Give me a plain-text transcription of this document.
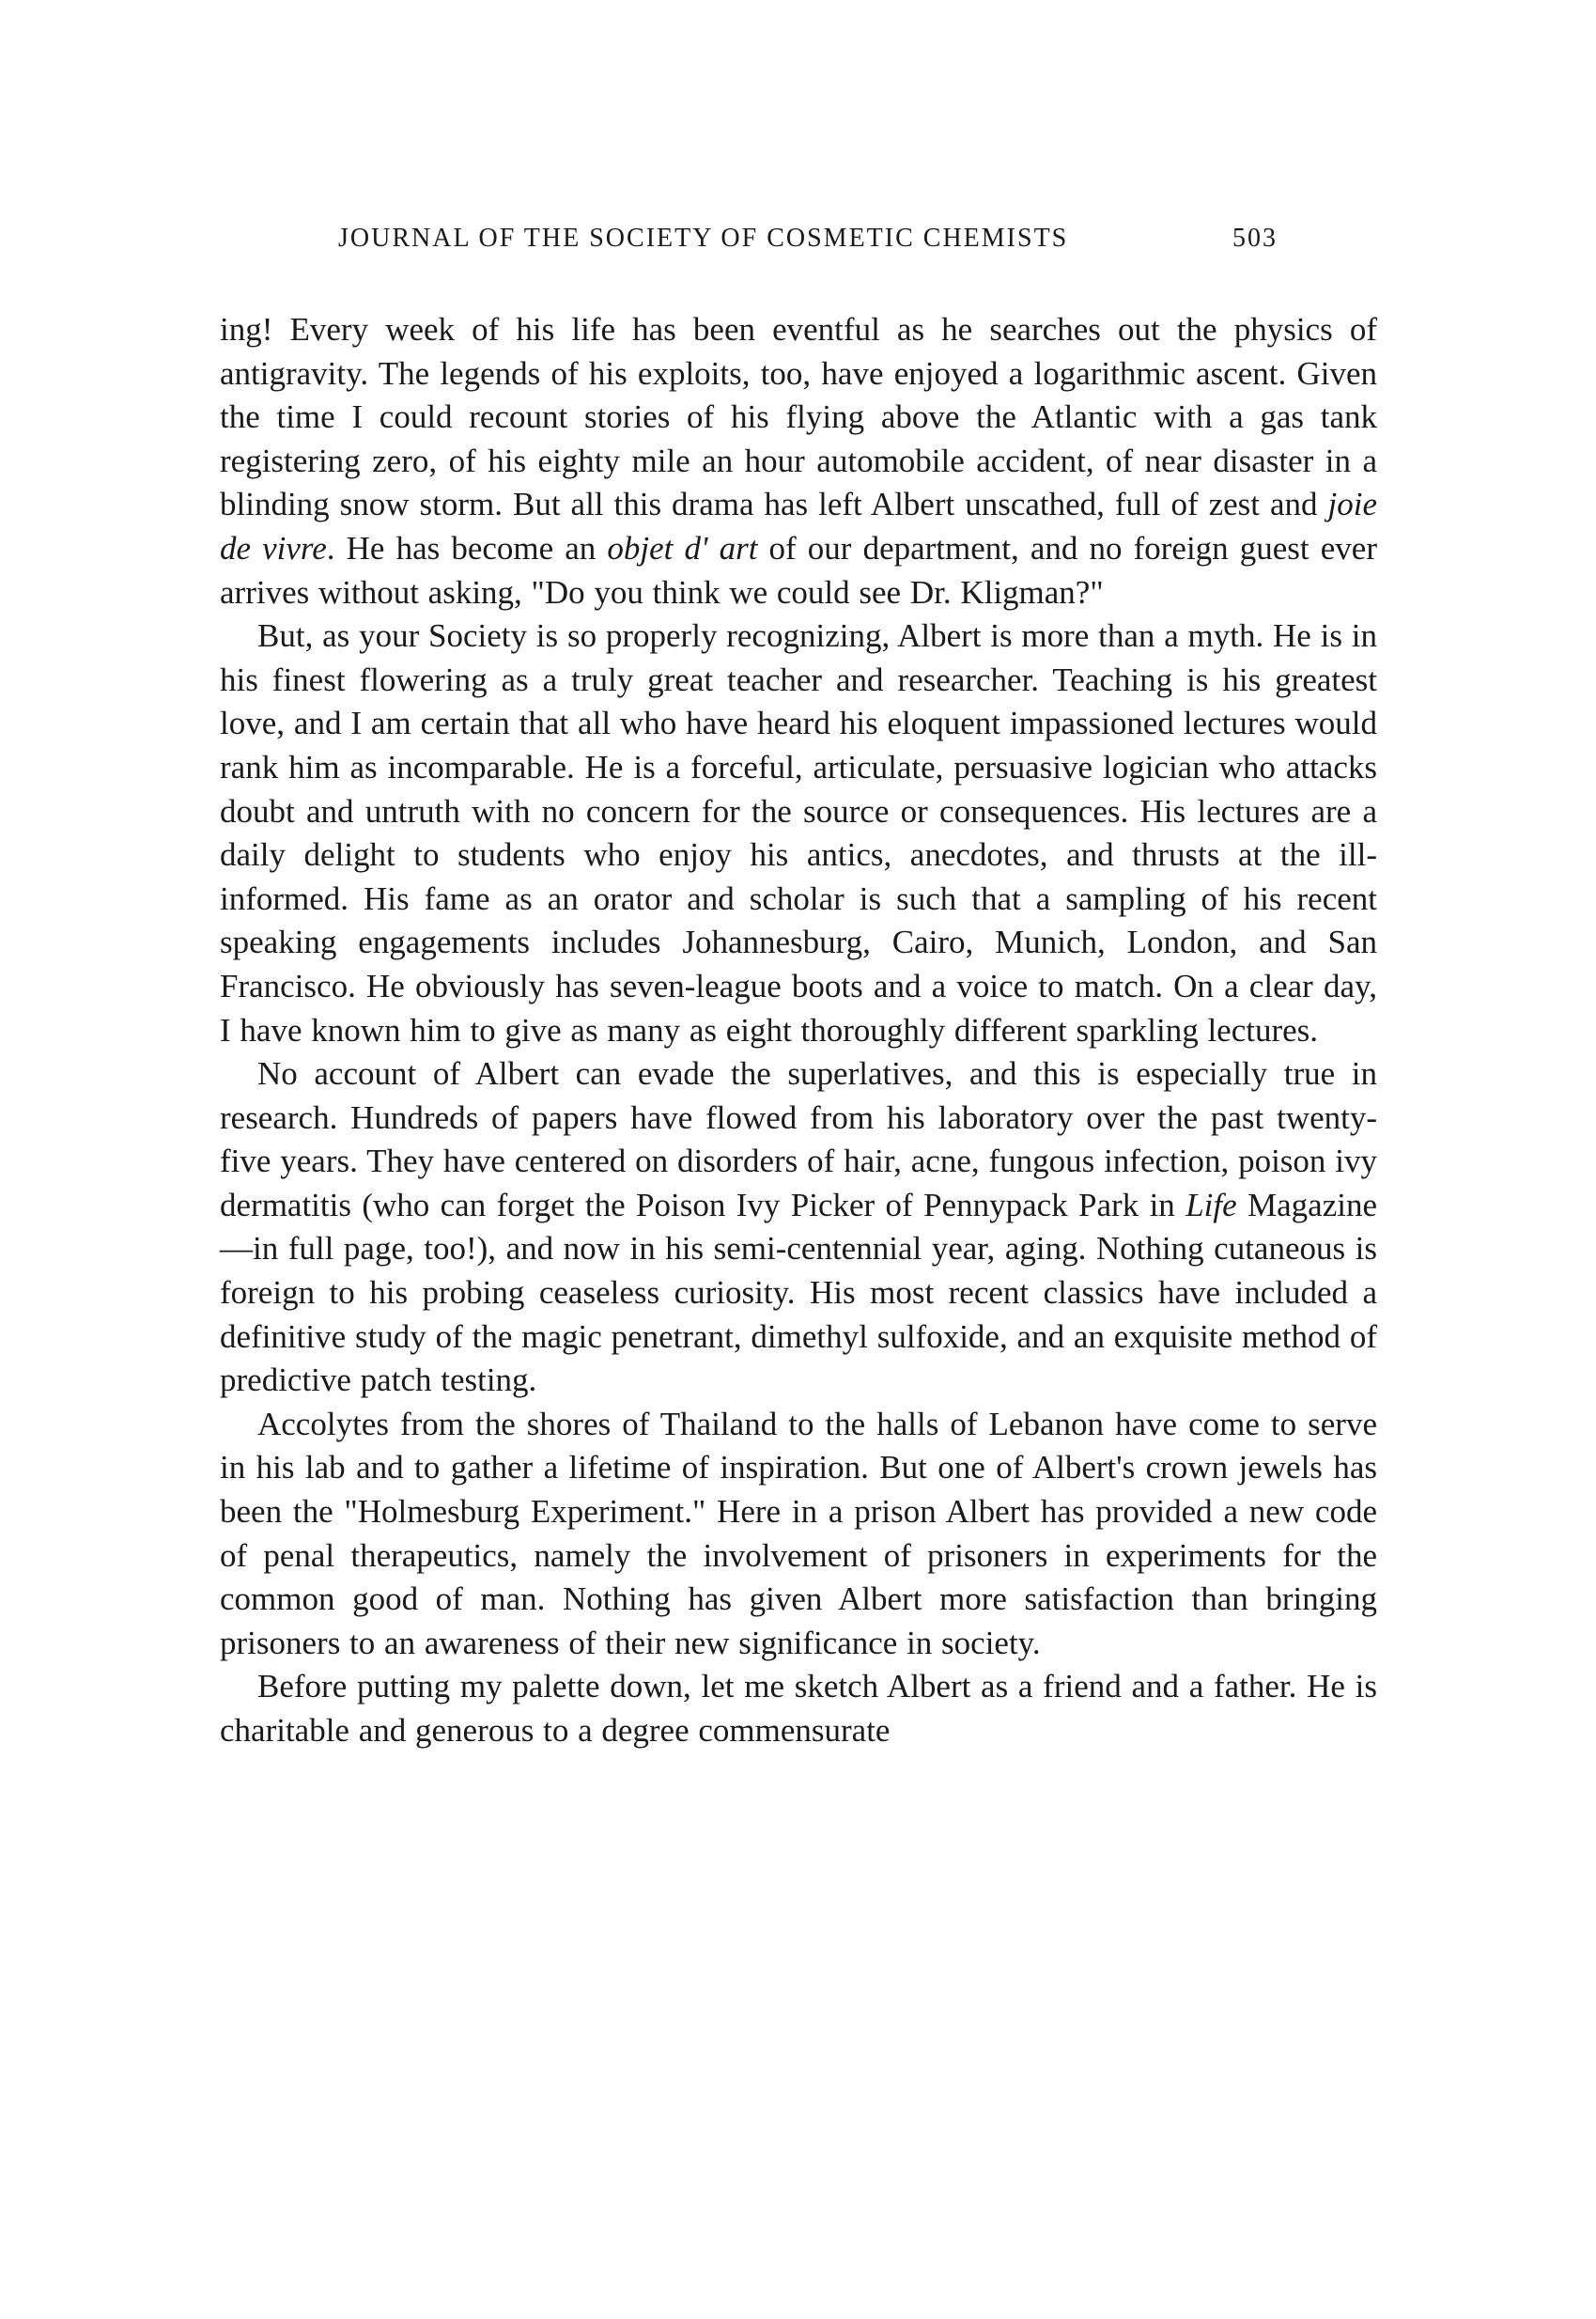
JOURNAL OF THE SOCIETY OF COSMETIC CHEMISTS	503

ing! Every week of his life has been eventful as he searches out the physics of antigravity. The legends of his exploits, too, have enjoyed a logarithmic ascent. Given the time I could recount stories of his flying above the Atlantic with a gas tank registering zero, of his eighty mile an hour automobile accident, of near disaster in a blinding snow storm. But all this drama has left Albert unscathed, full of zest and joie de vivre. He has become an objet d' art of our department, and no foreign guest ever arrives without asking, "Do you think we could see Dr. Kligman?"

But, as your Society is so properly recognizing, Albert is more than a myth. He is in his finest flowering as a truly great teacher and researcher. Teaching is his greatest love, and I am certain that all who have heard his eloquent impassioned lectures would rank him as incomparable. He is a forceful, articulate, persuasive logician who attacks doubt and untruth with no concern for the source or consequences. His lectures are a daily delight to students who enjoy his antics, anecdotes, and thrusts at the ill-informed. His fame as an orator and scholar is such that a sampling of his recent speaking engagements includes Johannesburg, Cairo, Munich, London, and San Francisco. He obviously has seven-league boots and a voice to match. On a clear day, I have known him to give as many as eight thoroughly different sparkling lectures.

No account of Albert can evade the superlatives, and this is especially true in research. Hundreds of papers have flowed from his laboratory over the past twenty-five years. They have centered on disorders of hair, acne, fungous infection, poison ivy dermatitis (who can forget the Poison Ivy Picker of Pennypack Park in Life Magazine—in full page, too!), and now in his semi-centennial year, aging. Nothing cutaneous is foreign to his probing ceaseless curiosity. His most recent classics have included a definitive study of the magic penetrant, dimethyl sulfoxide, and an exquisite method of predictive patch testing.

Accolytes from the shores of Thailand to the halls of Lebanon have come to serve in his lab and to gather a lifetime of inspiration. But one of Albert's crown jewels has been the "Holmesburg Experiment." Here in a prison Albert has provided a new code of penal therapeutics, namely the involvement of prisoners in experiments for the common good of man. Nothing has given Albert more satisfaction than bringing prisoners to an awareness of their new significance in society.

Before putting my palette down, let me sketch Albert as a friend and a father. He is charitable and generous to a degree commensurate
